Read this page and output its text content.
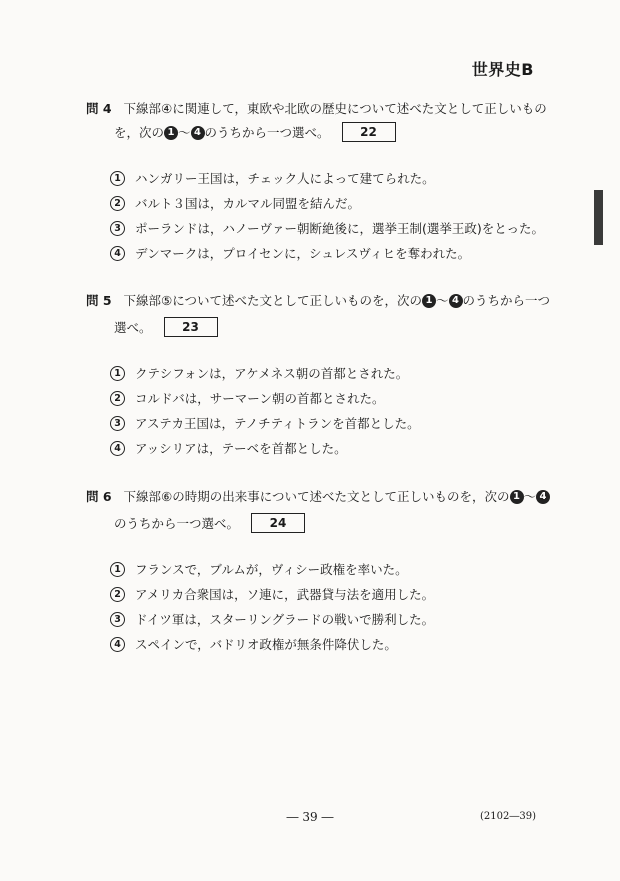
世界史B
問 4 下線部④に関連して，東欧や北欧の歴史について述べた文として正しいもの
を，次の 1 ～ 4 のうちから一つ選べ。	22
1 ハンガリー王国は，チェック人によって建てられた。
2 バルト３国は，カルマル同盟を結んだ。
3 ポーランドは，ハノーヴァー朝断絶後に，選挙王制(選挙王政)をとった。
4 デンマークは，プロイセンに，シュレスヴィヒを奪われた。
問 5 下線部⑤について述べた文として正しいものを，次の 1 ～ 4 のうちから一つ
選べ。	23
1 クテシフォンは，アケメネス朝の首都とされた。
2 コルドバは，サーマーン朝の首都とされた。
3 アステカ王国は，テノチティトランを首都とした。
4 アッシリアは，テーベを首都とした。
問 6 下線部⑥の時期の出来事について述べた文として正しいものを，次の 1 ～ 4
のうちから一つ選べ。	24
1 フランスで，ブルムが，ヴィシー政権を率いた。
2 アメリカ合衆国は，ソ連に，武器貸与法を適用した。
3 ドイツ軍は，スターリングラードの戦いで勝利した。
4 スペインで，バドリオ政権が無条件降伏した。
― 39 ―	(2102―39)
